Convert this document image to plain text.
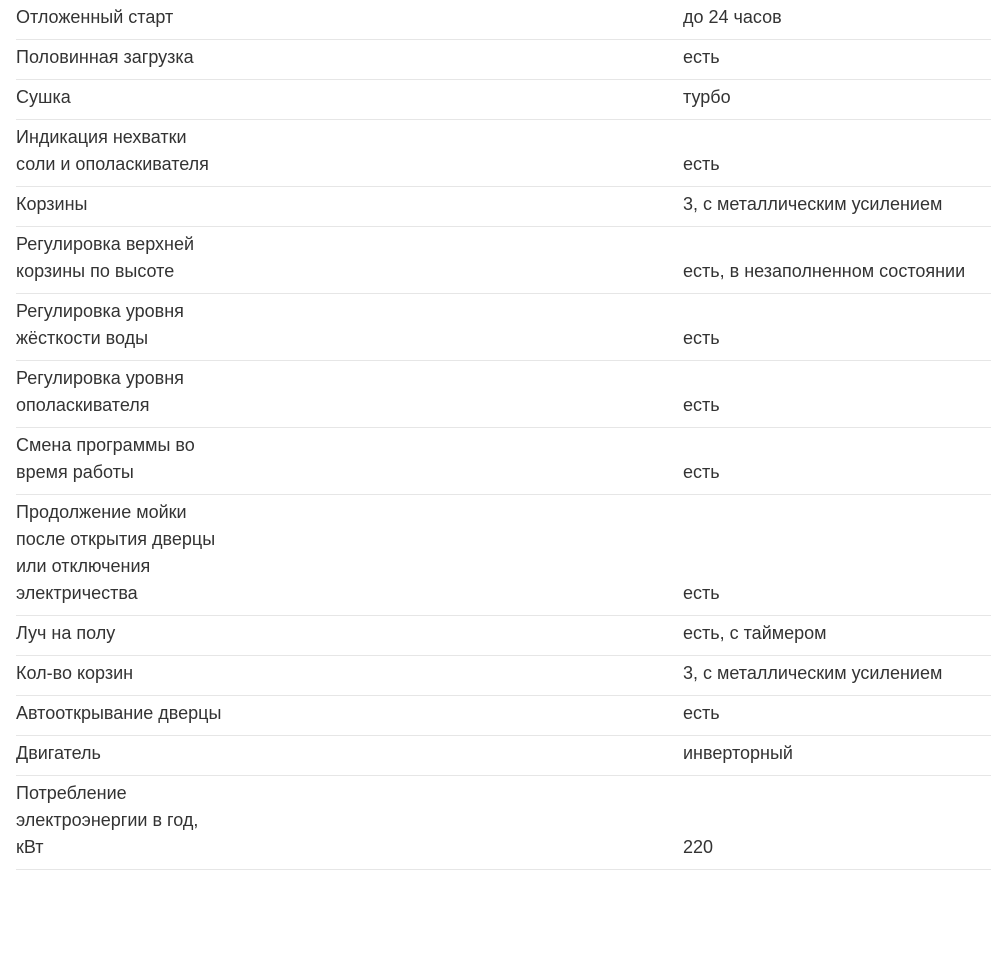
Отложенный старт	до 24 часов
Половинная загрузка	есть
Сушка	турбо
Индикация нехватки
соли и ополаскивателя	есть
Корзины	3, с металлическим усилением
Регулировка верхней
корзины по высоте	есть, в незаполненном состоянии
Регулировка уровня
жёсткости воды	есть
Регулировка уровня
ополаскивателя	есть
Смена программы во
время работы	есть
Продолжение мойки
после открытия дверцы
или отключения
электричества	есть
Луч на полу	есть, с таймером
Кол-во корзин	3, с металлическим усилением
Автооткрывание дверцы	есть
Двигатель	инверторный
Потребление
электроэнергии в год,
кВт	220
